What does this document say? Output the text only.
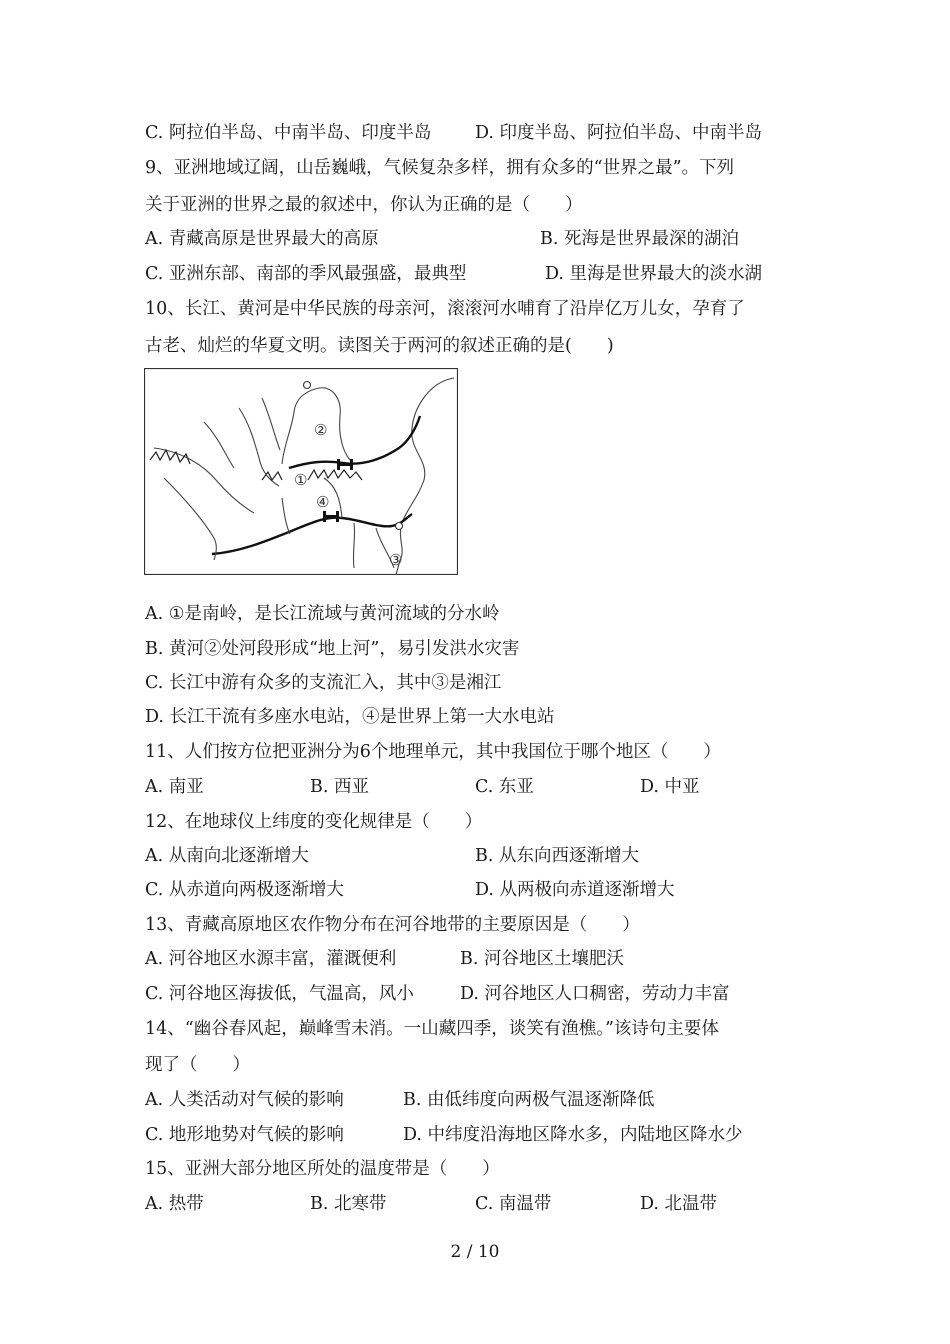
C. 阿拉伯半岛、中南半岛、印度半岛 D. 印度半岛、阿拉伯半岛、中南半岛
9、亚洲地域辽阔，山岳巍峨，气候复杂多样，拥有众多的“世界之最”。下列
关于亚洲的世界之最的叙述中，你认为正确的是（　　）
A. 青藏高原是世界最大的高原	B. 死海是世界最深的湖泊
C. 亚洲东部、南部的季风最强盛，最典型	D. 里海是世界最大的淡水湖
10、长江、黄河是中华民族的母亲河，滚滚河水哺育了沿岸亿万儿女，孕育了
古老、灿烂的华夏文明。读图关于两河的叙述正确的是(　　)
①
②
③
④
A. ①是南岭，是长江流域与黄河流域的分水岭
B. 黄河②处河段形成“地上河”，易引发洪水灾害
C. 长江中游有众多的支流汇入，其中③是湘江
D. 长江干流有多座水电站，④是世界上第一大水电站
11、人们按方位把亚洲分为6个地理单元，其中我国位于哪个地区（　　）
A. 南亚	B. 西亚	C. 东亚	D. 中亚
12、在地球仪上纬度的变化规律是（　　）
A. 从南向北逐渐增大	B. 从东向西逐渐增大
C. 从赤道向两极逐渐增大	D. 从两极向赤道逐渐增大
13、青藏高原地区农作物分布在河谷地带的主要原因是（　　）
A. 河谷地区水源丰富，灌溉便利	B. 河谷地区土壤肥沃
C. 河谷地区海拔低，气温高，风小	D. 河谷地区人口稠密，劳动力丰富
14、“幽谷春风起，巅峰雪未消。一山藏四季，谈笑有渔樵。”该诗句主要体
现了（　　）
A. 人类活动对气候的影响	B. 由低纬度向两极气温逐渐降低
C. 地形地势对气候的影响	D. 中纬度沿海地区降水多，内陆地区降水少
15、亚洲大部分地区所处的温度带是（　　）
A. 热带	B. 北寒带	C. 南温带	D. 北温带
2 / 10
